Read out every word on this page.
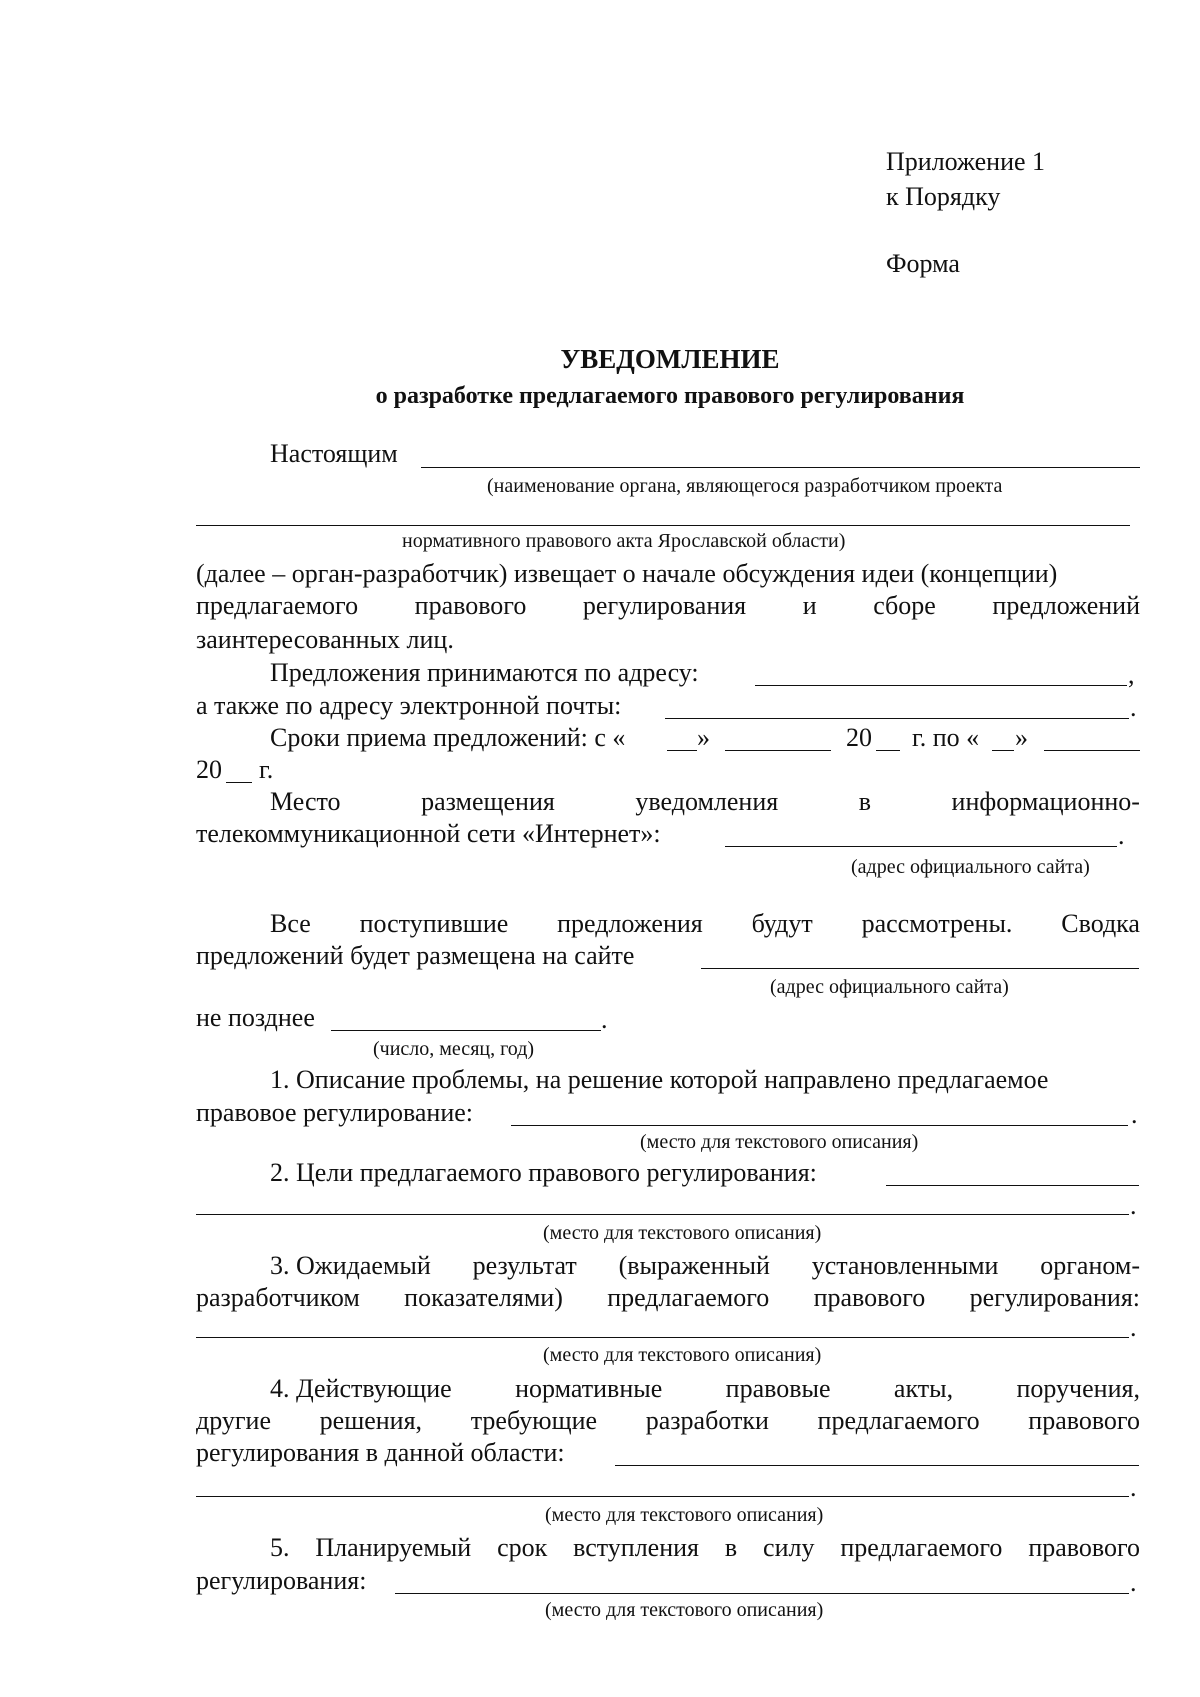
Приложение 1
к Порядку
Форма
УВЕДОМЛЕНИЕ
о разработке предлагаемого правового регулирования
Настоящим
(наименование органа, являющегося разработчиком проекта
нормативного правового акта Ярославской области)
(далее – орган-разработчик) извещает о начале обсуждения идеи (концепции)
предлагаемого правового регулирования и сборе предложений
заинтересованных лиц.
Предложения принимаются по адресу:	,
а также по адресу электронной почты:	.
Сроки приема предложений: с «	»	20 г. по « »
20 г.
Место	размещения	уведомления	в	информационно-
телекоммуникационной сети «Интернет»:	.
(адрес официального сайта)
Все поступившие предложения будут рассмотрены. Сводка
предложений будет размещена на сайте
(адрес официального сайта)
не позднее	.
(число, месяц, год)
1. Описание проблемы, на решение которой направлено предлагаемое
правовое регулирование:	.
(место для текстового описания)
2. Цели предлагаемого правового регулирования:
.
(место для текстового описания)
3. Ожидаемый результат (выраженный установленными органом-
разработчиком показателями) предлагаемого правового регулирования:
.
(место для текстового описания)
4. Действующие нормативные правовые акты, поручения,
другие решения, требующие разработки предлагаемого правового
регулирования в данной области:
.
(место для текстового описания)
5. Планируемый срок вступления в силу предлагаемого правового
регулирования:	.
(место для текстового описания)
